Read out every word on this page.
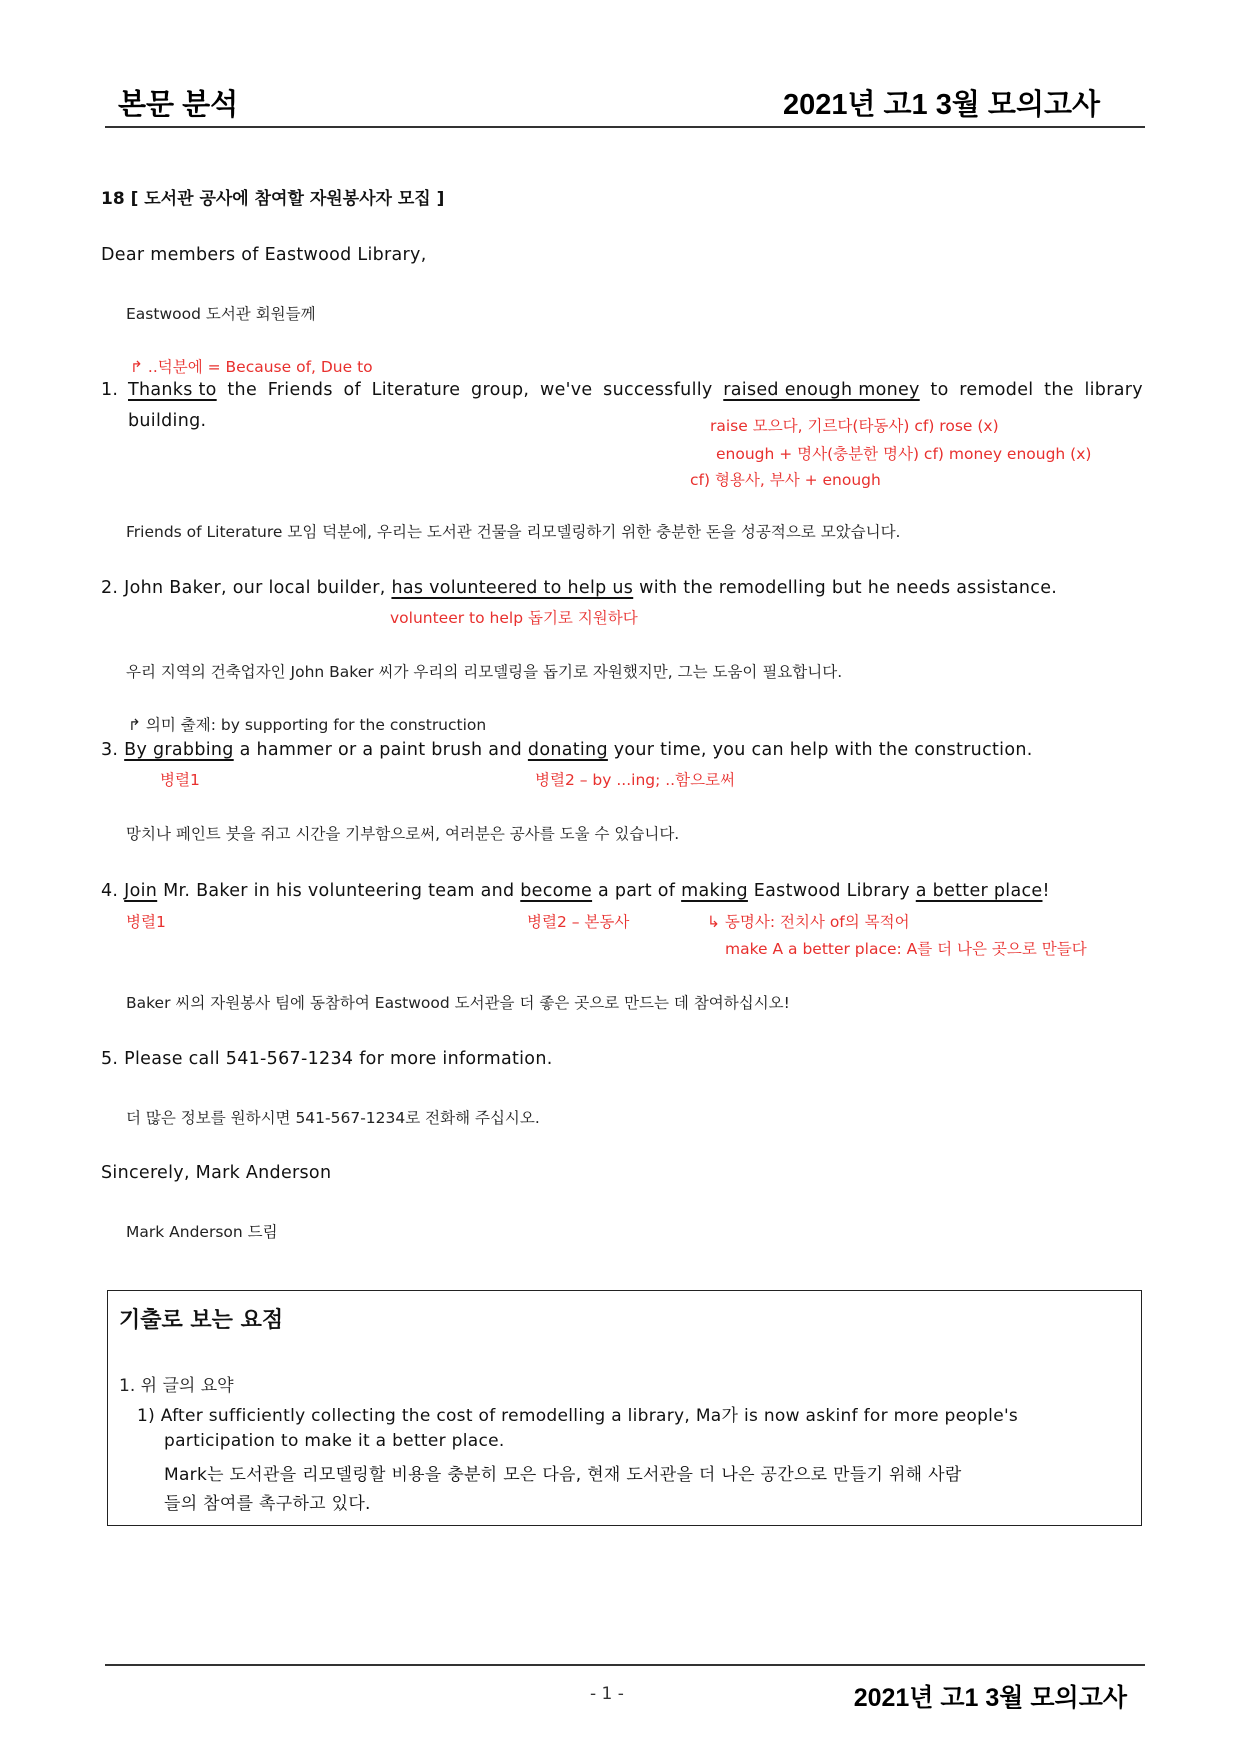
본문 분석	2021년 고1 3월 모의고사
18 [ 도서관 공사에 참여할 자원봉사자 모집 ]
Dear members of Eastwood Library,
Eastwood 도서관 회원들께
↱ ..덕분에 = Because of, Due to
1. Thanks to the Friends of Literature group, we've successfully raised enough money to remodel the library
building.	raise 모으다, 기르다(타동사) cf) rose (x)
enough + 명사(충분한 명사) cf) money enough (x)
cf) 형용사, 부사 + enough
Friends of Literature 모임 덕분에, 우리는 도서관 건물을 리모델링하기 위한 충분한 돈을 성공적으로 모았습니다.
2. John Baker, our local builder, has volunteered to help us with the remodelling but he needs assistance.
volunteer to help 돕기로 지원하다
우리 지역의 건축업자인 John Baker 씨가 우리의 리모델링을 돕기로 자원했지만, 그는 도움이 필요합니다.
↱ 의미 출제: by supporting for the construction
3. By grabbing a hammer or a paint brush and donating your time, you can help with the construction.
병렬1	병렬2 – by ...ing; ..함으로써
망치나 페인트 붓을 쥐고 시간을 기부함으로써, 여러분은 공사를 도울 수 있습니다.
4. Join Mr. Baker in his volunteering team and become a part of making Eastwood Library a better place!
병렬1	병렬2 – 본동사	↳ 동명사: 전치사 of의 목적어
make A a better place: A를 더 나은 곳으로 만들다
Baker 씨의 자원봉사 팀에 동참하여 Eastwood 도서관을 더 좋은 곳으로 만드는 데 참여하십시오!
5. Please call 541-567-1234 for more information.
더 많은 정보를 원하시면 541-567-1234로 전화해 주십시오.
Sincerely, Mark Anderson
Mark Anderson 드림
기출로 보는 요점
1. 위 글의 요약
1) After sufficiently collecting the cost of remodelling a library, Ma가 is now askinf for more people's
participation to make it a better place.
Mark는 도서관을 리모델링할 비용을 충분히 모은 다음, 현재 도서관을 더 나은 공간으로 만들기 위해 사람
들의 참여를 촉구하고 있다.
- 1 -	2021년 고1 3월 모의고사
